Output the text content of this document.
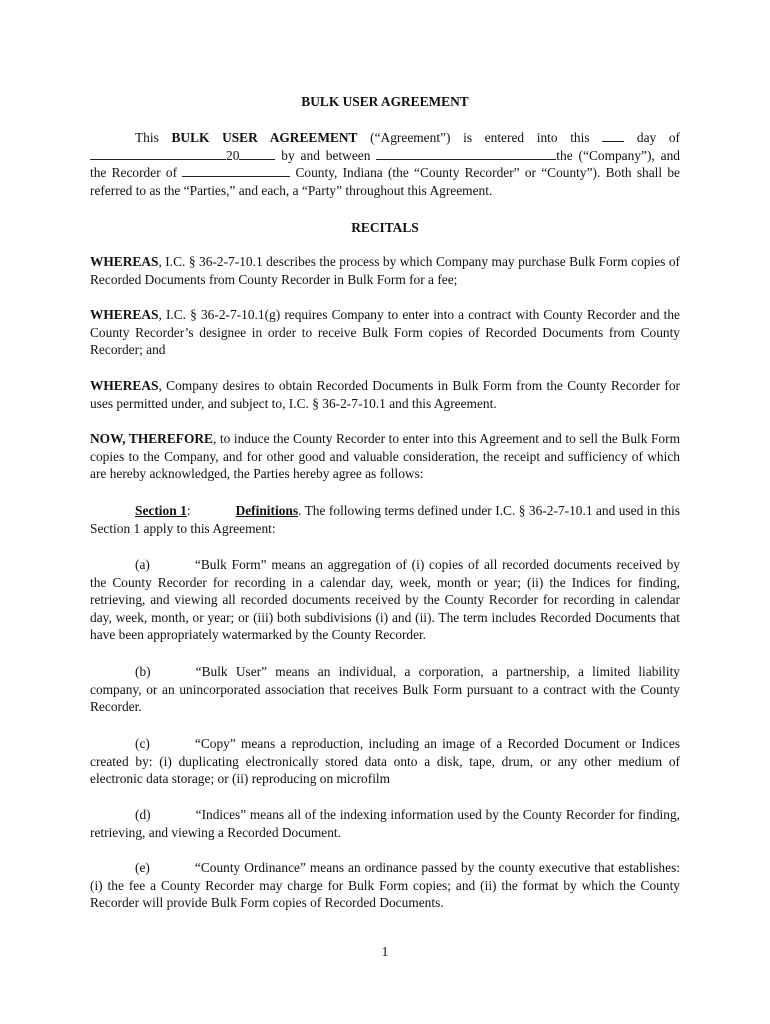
BULK USER AGREEMENT

This BULK USER AGREEMENT (“Agreement”) is entered into this  day of 20	by and between	the (“Company”), and the Recorder of	County, Indiana (the “County Recorder” or “County”). Both shall be referred to as the “Parties,” and each, a “Party” throughout this Agreement.

RECITALS

WHEREAS, I.C. § 36-2-7-10.1 describes the process by which Company may purchase Bulk Form copies of Recorded Documents from County Recorder in Bulk Form for a fee;

WHEREAS, I.C. § 36-2-7-10.1(g) requires Company to enter into a contract with County Recorder and the County Recorder’s designee in order to receive Bulk Form copies of Recorded Documents from County Recorder; and

WHEREAS, Company desires to obtain Recorded Documents in Bulk Form from the County Recorder for uses permitted under, and subject to, I.C. § 36-2-7-10.1 and this Agreement.

NOW, THEREFORE, to induce the County Recorder to enter into this Agreement and to sell the Bulk Form copies to the Company, and for other good and valuable consideration, the receipt and sufficiency of which are hereby acknowledged, the Parties hereby agree as follows:

Section 1:	Definitions. The following terms defined under I.C. § 36-2-7-10.1 and used in this Section 1 apply to this Agreement:

(a)	“Bulk Form” means an aggregation of (i) copies of all recorded documents received by the County Recorder for recording in a calendar day, week, month or year; (ii) the Indices for finding, retrieving, and viewing all recorded documents received by the County Recorder for recording in calendar day, week, month, or year; or (iii) both subdivisions (i) and (ii). The term includes Recorded Documents that have been appropriately watermarked by the County Recorder.

(b)	“Bulk User” means an individual, a corporation, a partnership, a limited liability company, or an unincorporated association that receives Bulk Form pursuant to a contract with the County Recorder.

(c)	“Copy” means a reproduction, including an image of a Recorded Document or Indices created by: (i) duplicating electronically stored data onto a disk, tape, drum, or any other medium of electronic data storage; or (ii) reproducing on microfilm

(d)	“Indices” means all of the indexing information used by the County Recorder for finding, retrieving, and viewing a Recorded Document.

(e)	“County Ordinance” means an ordinance passed by the county executive that establishes: (i) the fee a County Recorder may charge for Bulk Form copies; and (ii) the format by which the County Recorder will provide Bulk Form copies of Recorded Documents.

1
